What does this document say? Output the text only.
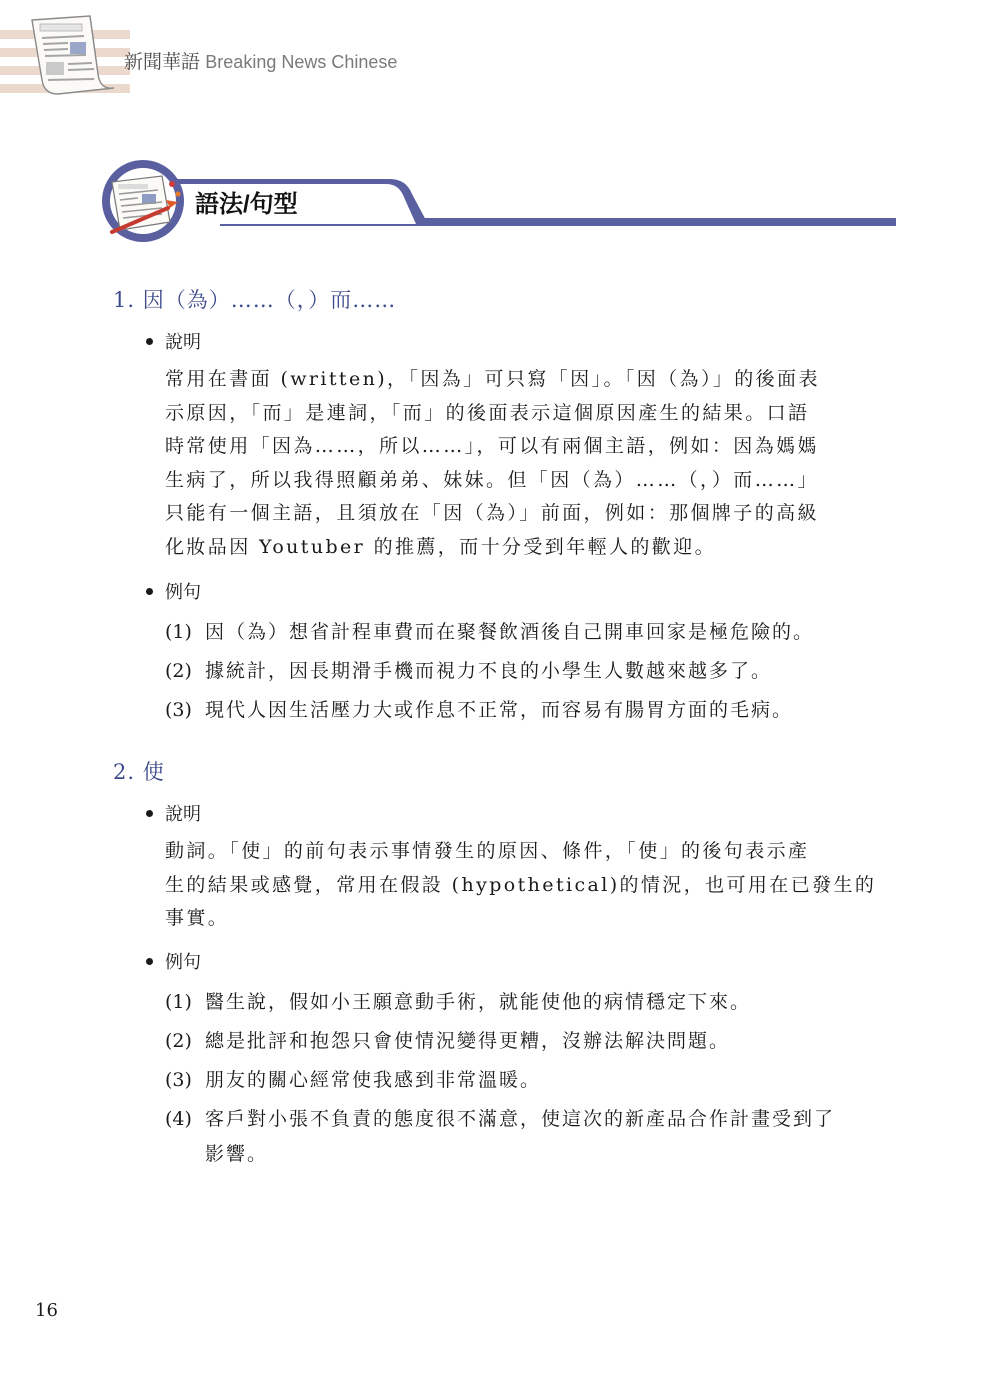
新聞華語 Breaking News Chinese
語法/句型
1. 因（為）……（，）而……
說明
常用在書面 (written)，「因為」可只寫「因」。「因（為）」的後面表
示原因，「而」是連詞，「而」的後面表示這個原因產生的結果。口語
時常使用「因為……，所以……」，可以有兩個主語，例如：因為媽媽
生病了，所以我得照顧弟弟、妹妹。但「因（為）……（，）而……」
只能有一個主語，且須放在「因（為）」前面，例如：那個牌子的高級
化妝品因 Youtuber 的推薦，而十分受到年輕人的歡迎。
例句
(1) 因（為）想省計程車費而在聚餐飲酒後自己開車回家是極危險的。
(2) 據統計，因長期滑手機而視力不良的小學生人數越來越多了。
(3) 現代人因生活壓力大或作息不正常，而容易有腸胃方面的毛病。
2. 使
說明
動詞。「使」的前句表示事情發生的原因、條件，「使」的後句表示產
生的結果或感覺，常用在假設 (hypothetical)的情況，也可用在已發生的
事實。
例句
(1) 醫生說，假如小王願意動手術，就能使他的病情穩定下來。
(2) 總是批評和抱怨只會使情況變得更糟，沒辦法解決問題。
(3) 朋友的關心經常使我感到非常溫暖。
(4) 客戶對小張不負責的態度很不滿意，使這次的新產品合作計畫受到了
影響。
16
